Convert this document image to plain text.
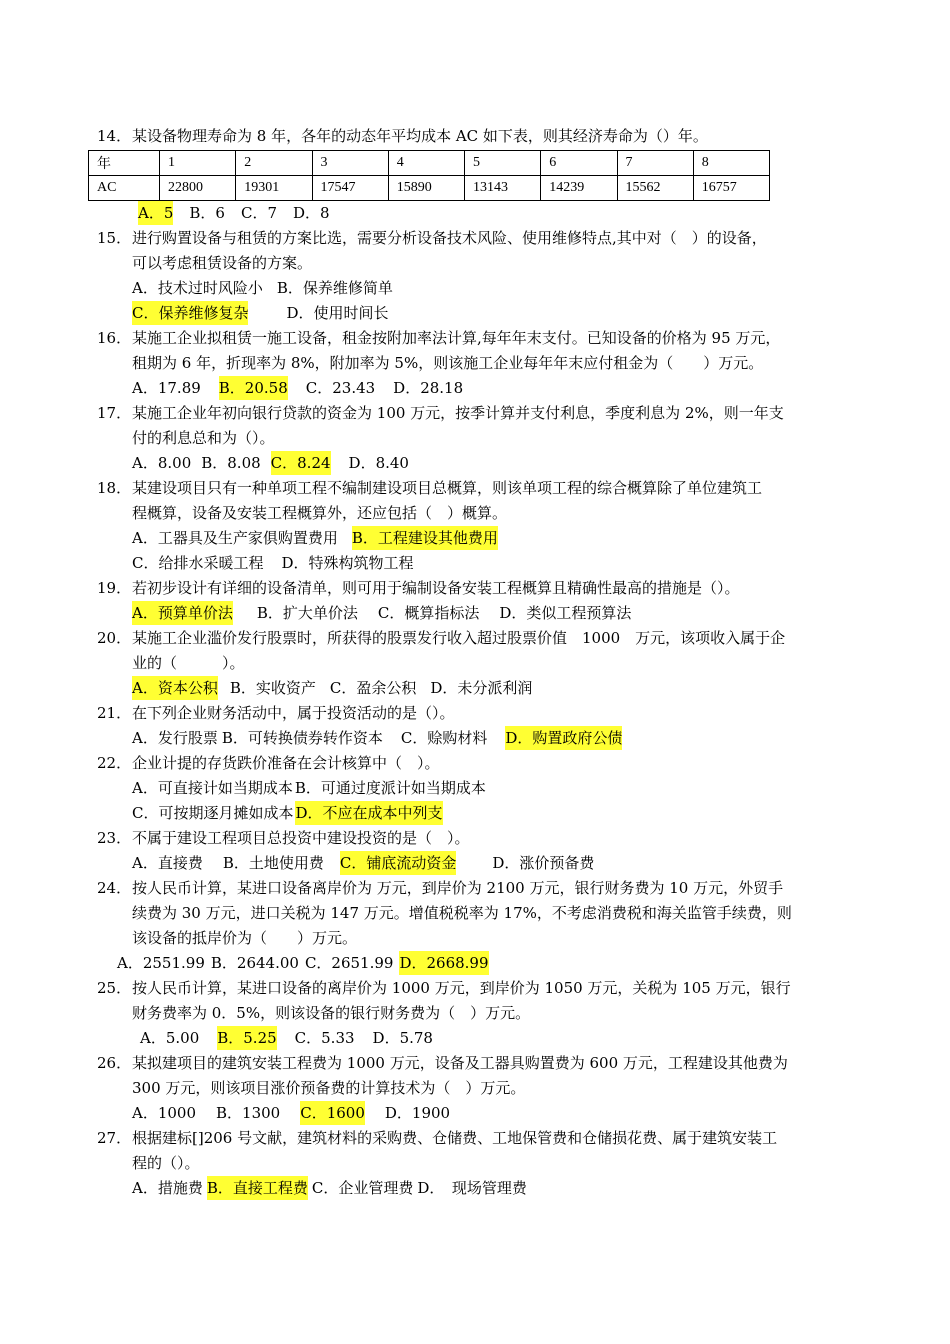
14．某设备物理寿命为 8 年，各年的动态年平均成本 AC 如下表，则其经济寿命为（）年。
年	1	2	3	4	5	6	7	8
AC	22800	19301	17547	15890	13143	14239	15562	16757
A．5 B．6 C．7 D．8
15．进行购置设备与租赁的方案比选，需要分析设备技术风险、使用维修特点,其中对（　）的设备，
可以考虑租赁设备的方案。
A．技术过时风险小 B．保养维修简单
C．保养维修复杂	D．使用时间长
16．某施工企业拟租赁一施工设备，租金按附加率法计算,每年年末支付。已知设备的价格为 95 万元，
租期为 6 年，折现率为 8%，附加率为 5%，则该施工企业每年年末应付租金为（　　）万元。
A．17.89 B．20.58 C．23.43 D．28.18
17．某施工企业年初向银行贷款的资金为 100 万元，按季计算并支付利息，季度利息为 2%，则一年支
付的利息总和为（）。
A．8.00 B．8.08 C．8.24 D．8.40
18．某建设项目只有一种单项工程不编制建设项目总概算，则该单项工程的综合概算除了单位建筑工
程概算，设备及安装工程概算外，还应包括（　）概算。
A．工器具及生产家俱购置费用 B．工程建设其他费用
C．给排水采暖工程 D．特殊构筑物工程
19．若初步设计有详细的设备清单，则可用于编制设备安装工程概算且精确性最高的措施是（）。
A．预算单价法 B．扩大单价法 C．概算指标法 D．类似工程预算法
20．某施工企业滥价发行股票时，所获得的股票发行收入超过股票价值　1000　万元，该项收入属于企
业的（　　　）。
A．资本公积 B．实收资产 C．盈余公积 D．未分派利润
21．在下列企业财务活动中，属于投资活动的是（）。
A．发行股票 B．可转换债券转作资本 C．赊购材料 D．购置政府公债
22．企业计提的存货跌价准备在会计核算中（　）。
A．可直接计如当期成本 B．可通过度派计如当期成本
C．可按期逐月摊如成本 D．不应在成本中列支
23．不属于建设工程项目总投资中建设投资的是（　）。
A．直接费 B．土地使用费 C．铺底流动资金 D．涨价预备费
24．按人民币计算，某进口设备离岸价为 万元，到岸价为 2100 万元，银行财务费为 10 万元，外贸手
续费为 30 万元，进口关税为 147 万元。增值税税率为 17%，不考虑消费税和海关监管手续费，则
该设备的抵岸价为（　　）万元。
A．2551.99 B．2644.00 C．2651.99 D．2668.99
25．按人民币计算，某进口设备的离岸价为 1000 万元，到岸价为 1050 万元，关税为 105 万元，银行
财务费率为 0．5%，则该设备的银行财务费为（　）万元。
A．5.00 B．5.25 C．5.33 D．5.78
26．某拟建项目的建筑安装工程费为 1000 万元，设备及工器具购置费为 600 万元，工程建设其他费为
300 万元，则该项目涨价预备费的计算技术为（　）万元。
A．1000 B．1300 C．1600 D．1900
27．根据建标[]206 号文献，建筑材料的采购费、仓储费、工地保管费和仓储损花费、属于建筑安装工
程的（）。
A．措施费 B．直接工程费 C．企业管理费 D．　现场管理费
